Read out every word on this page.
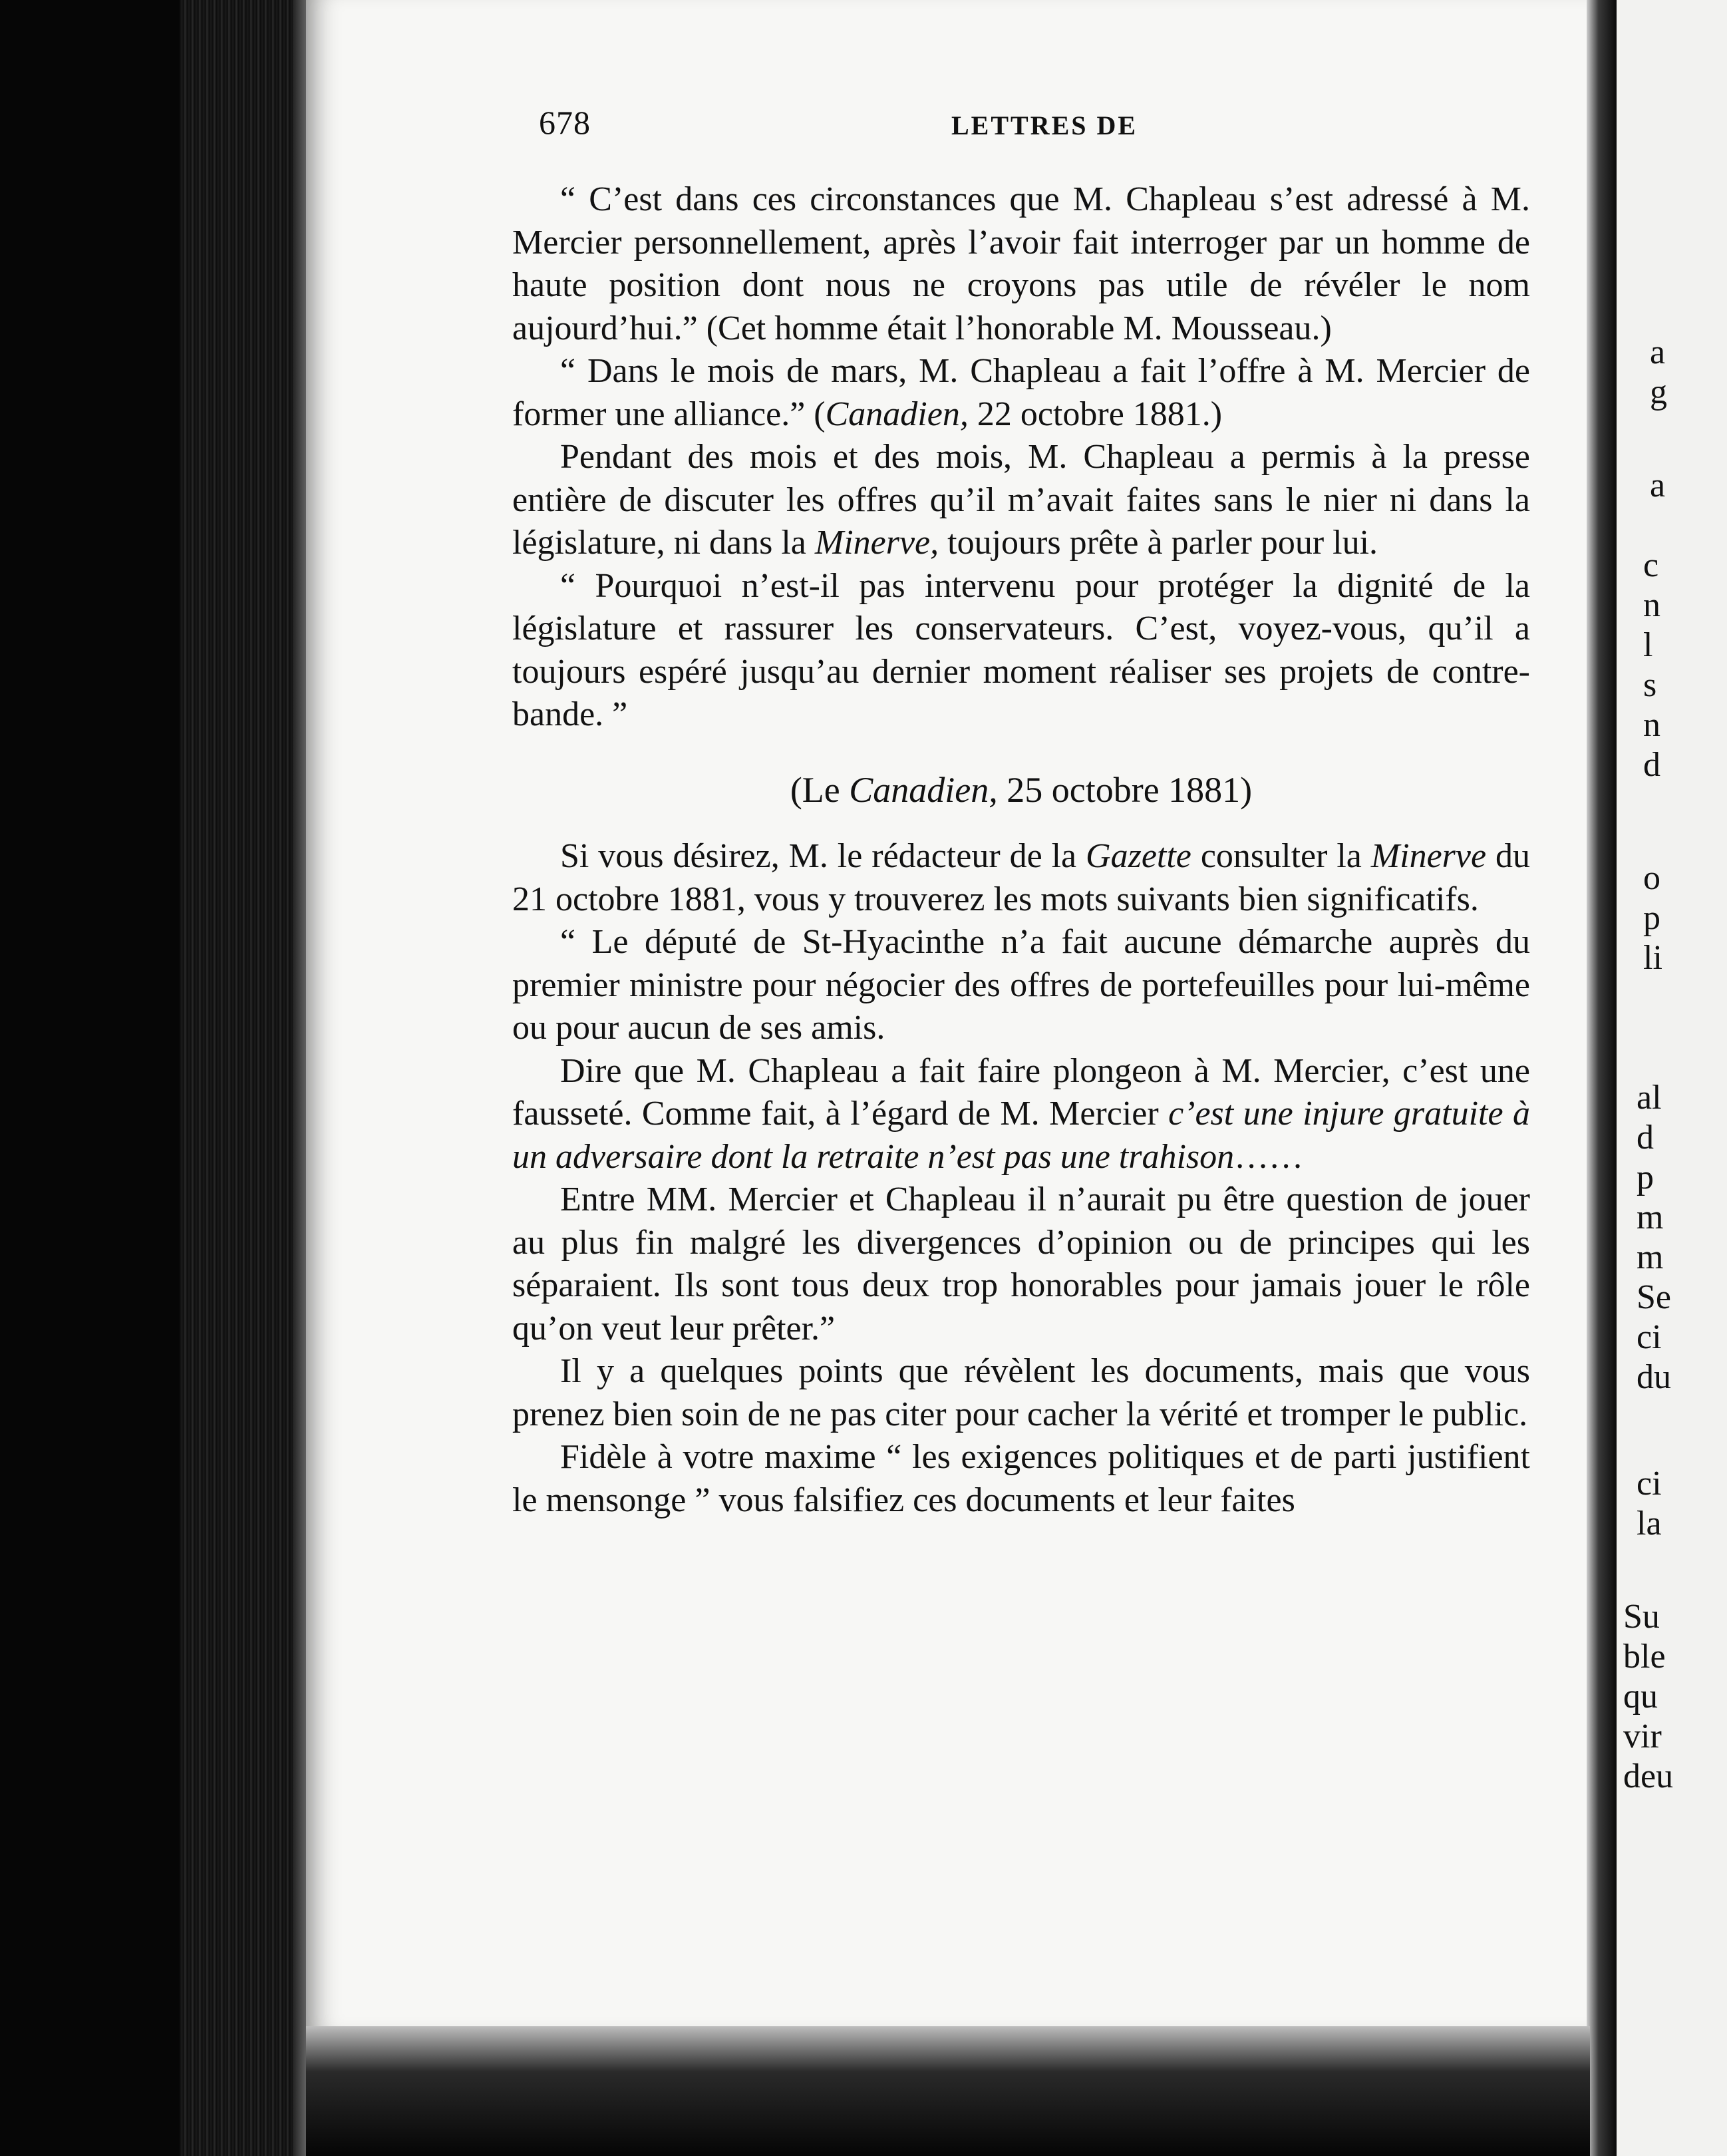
678	LETTRES DE

“ C’est dans ces circonstances que M. Chapleau s’est adressé à M. Mercier personnellement, après l’avoir fait interroger par un homme de haute position dont nous ne croyons pas utile de révéler le nom aujourd’hui.” (Cet homme était l’honorable M. Mousseau.)

“ Dans le mois de mars, M. Chapleau a fait l’offre à M. Mercier de former une alliance.” (Canadien, 22 octobre 1881.)

Pendant des mois et des mois, M. Chapleau a permis à la presse entière de discuter les offres qu’il m’avait faites sans le nier ni dans la législature, ni dans la Minerve, toujours prête à parler pour lui.

“ Pourquoi n’est-il pas intervenu pour protéger la dignité de la législature et rassurer les conservateurs. C’est, voyez-vous, qu’il a toujours espéré jusqu’au dernier moment réaliser ses projets de contre-bande. ”

(Le Canadien, 25 octobre 1881)

Si vous désirez, M. le rédacteur de la Gazette consulter la Minerve du 21 octobre 1881, vous y trouverez les mots suivants bien significatifs.

“ Le député de St-Hyacinthe n’a fait aucune démarche auprès du premier ministre pour négocier des offres de portefeuilles pour lui-même ou pour aucun de ses amis.

Dire que M. Chapleau a fait faire plongeon à M. Mercier, c’est une fausseté. Comme fait, à l’égard de M. Mercier c’est une injure gratuite à un adversaire dont la retraite n’est pas une trahison……

Entre MM. Mercier et Chapleau il n’aurait pu être question de jouer au plus fin malgré les divergences d’opinion ou de principes qui les séparaient. Ils sont tous deux trop honorables pour jamais jouer le rôle qu’on veut leur prêter.”

Il y a quelques points que révèlent les documents, mais que vous prenez bien soin de ne pas citer pour cacher la vérité et tromper le public.

Fidèle à votre maxime “ les exigences politiques et de parti justifient le mensonge ” vous falsifiez ces documents et leur faites

a
g
a
c
n
l
s
n
d
o
p
li
al
d
p
m
m
Se
ci
du
ci
la
Su
ble
qu
vir
deu
